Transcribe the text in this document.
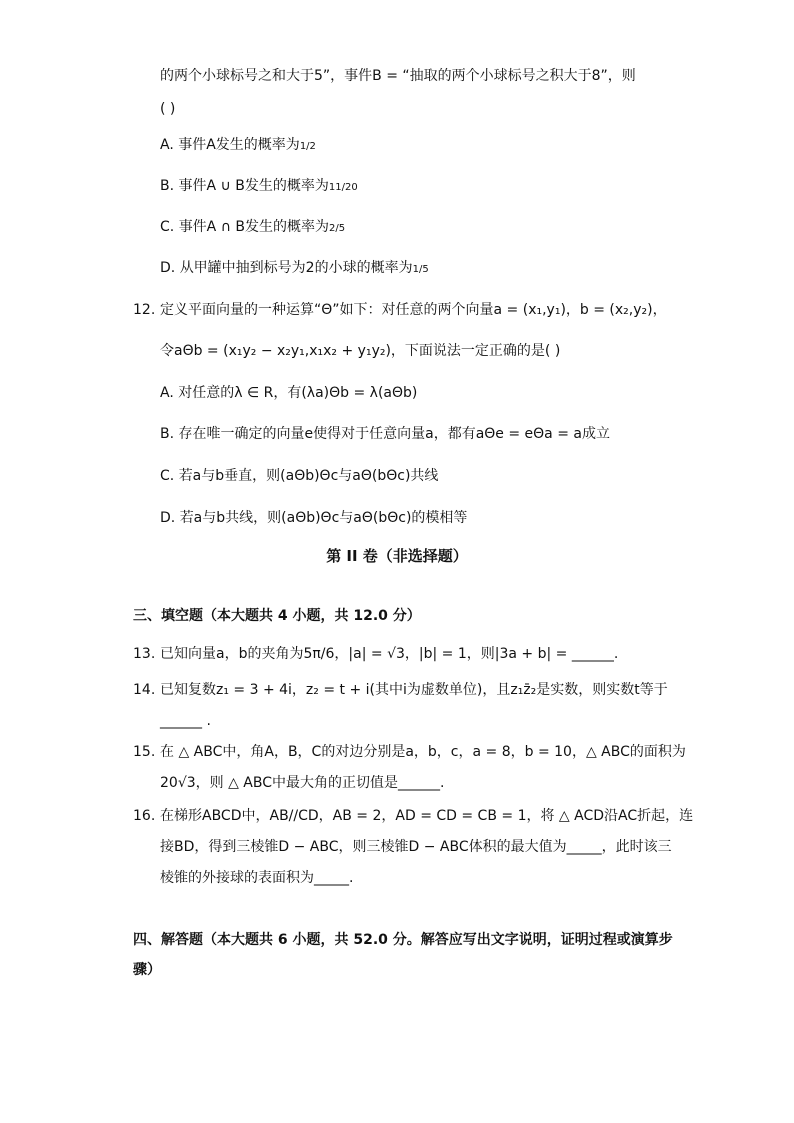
的两个小球标号之和大于5”，事件B = “抽取的两个小球标号之积大于8”，则
( )
A. 事件A发生的概率为1/2
B. 事件A ∪ B发生的概率为11/20
C. 事件A ∩ B发生的概率为2/5
D. 从甲罐中抽到标号为2的小球的概率为1/5
12. 定义平面向量的一种运算“Θ”如下：对任意的两个向量a = (x₁,y₁)，b = (x₂,y₂)，
令aΘb = (x₁y₂ − x₂y₁,x₁x₂ + y₁y₂)，下面说法一定正确的是( )
A. 对任意的λ ∈ R，有(λa)Θb = λ(aΘb)
B. 存在唯一确定的向量e使得对于任意向量a，都有aΘe = eΘa = a成立
C. 若a与b垂直，则(aΘb)Θc与aΘ(bΘc)共线
D. 若a与b共线，则(aΘb)Θc与aΘ(bΘc)的模相等
第 II 卷（非选择题）
三、填空题（本大题共 4 小题，共 12.0 分）
13. 已知向量a，b的夹角为5π/6，|a| = √3，|b| = 1，则|3a + b| = ______.
14. 已知复数z₁ = 3 + 4i，z₂ = t + i(其中i为虚数单位)，且z₁z̄₂是实数，则实数t等于
______ .
15. 在 △ ABC中，角A，B，C的对边分别是a，b，c，a = 8，b = 10，△ ABC的面积为
20√3，则 △ ABC中最大角的正切值是______.
16. 在梯形ABCD中，AB//CD，AB = 2，AD = CD = CB = 1，将 △ ACD沿AC折起，连
接BD，得到三棱锥D − ABC，则三棱锥D − ABC体积的最大值为_____，此时该三
棱锥的外接球的表面积为_____.
四、解答题（本大题共 6 小题，共 52.0 分。解答应写出文字说明，证明过程或演算步
骤）
